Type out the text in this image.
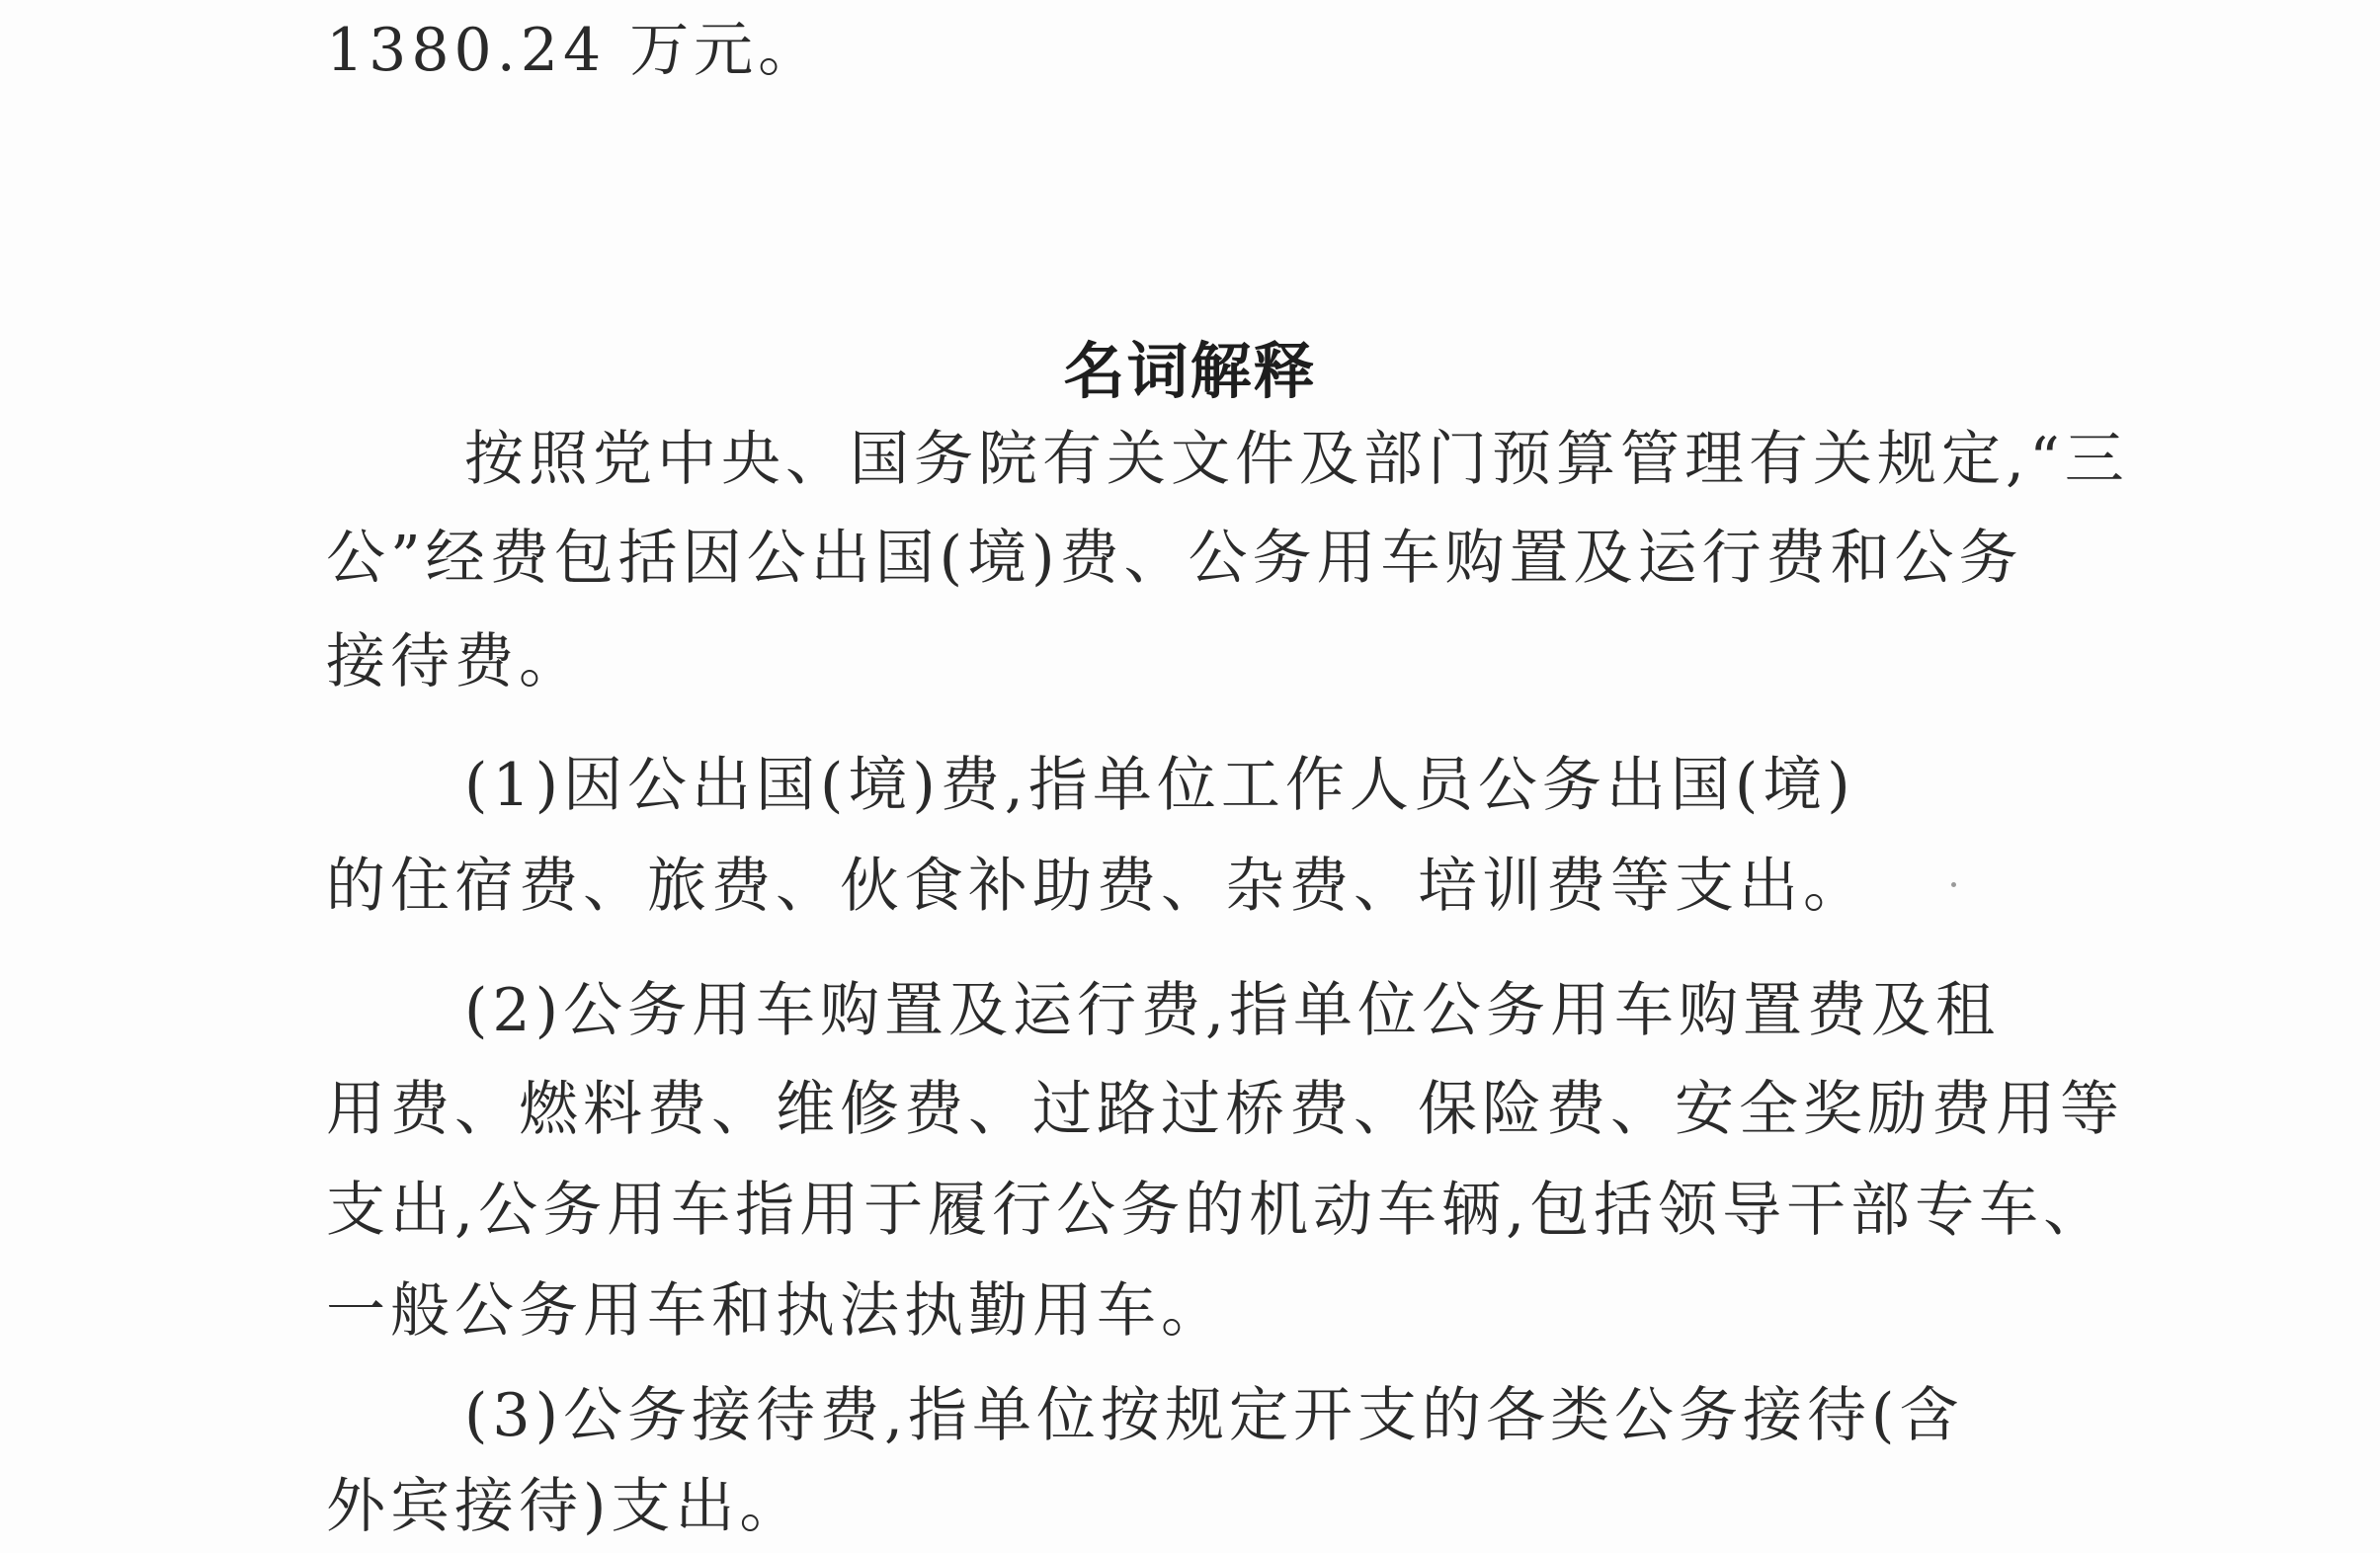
1380.24 万元。

名词解释

按照党中央、国务院有关文件及部门预算管理有关规定,“三

公”经费包括因公出国(境)费、公务用车购置及运行费和公务

接待费。

(1)因公出国(境)费,指单位工作人员公务出国(境)

的住宿费、旅费、伙食补助费、杂费、培训费等支出。

(2)公务用车购置及运行费,指单位公务用车购置费及租

用费、燃料费、维修费、过路过桥费、保险费、安全奖励费用等

支出,公务用车指用于履行公务的机动车辆,包括领导干部专车、

一般公务用车和执法执勤用车。

(3)公务接待费,指单位按规定开支的各类公务接待(含

外宾接待)支出。
